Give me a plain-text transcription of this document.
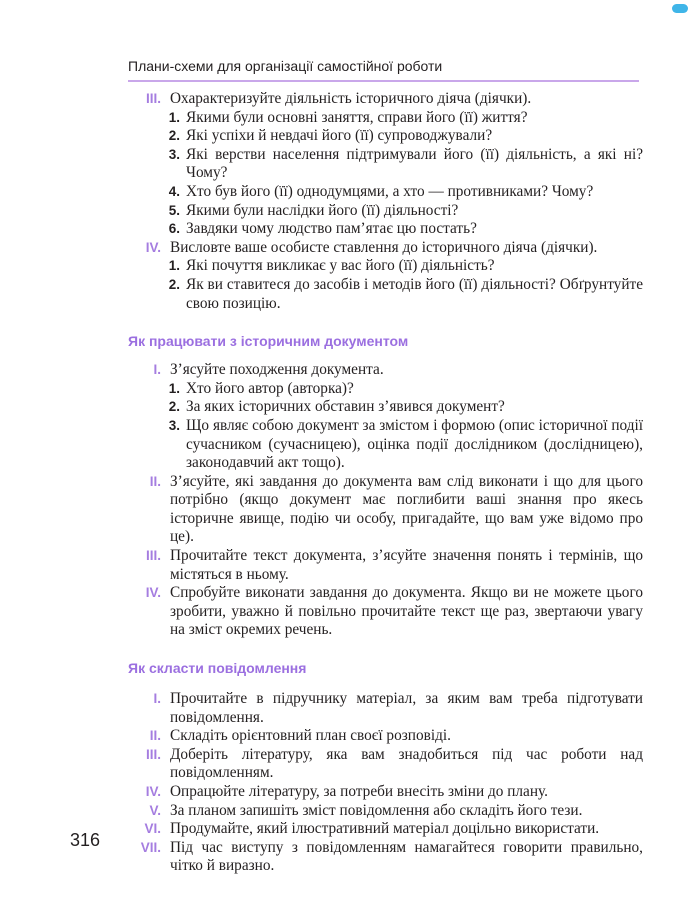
Плани-схеми для організації самостійної роботи

III. Охарактеризуйте діяльність історичного діяча (діячки).

1. Якими були основні заняття, справи його (її) життя?

2. Які успіхи й невдачі його (її) супроводжували?

3. Які верстви населення підтримували його (її) діяльність, а які ні? Чому?

4. Хто був його (її) однодумцями, а хто — противниками? Чому?

5. Якими були наслідки його (її) діяльності?

6. Завдяки чому людство пам’ятає цю постать?

IV. Висловте ваше особисте ставлення до історичного діяча (діячки).

1. Які почуття викликає у вас його (її) діяльність?

2. Як ви ставитеся до засобів і методів його (її) діяльності? Обґрунтуйте свою позицію.

Як працювати з історичним документом

I. З’ясуйте походження документа.

1. Хто його автор (авторка)?

2. За яких історичних обставин з’явився документ?

3. Що являє собою документ за змістом і формою (опис історичної події сучасником (сучасницею), оцінка події дослідником (дослідницею), законодавчий акт тощо).

II. З’ясуйте, які завдання до документа вам слід виконати і що для цього потрібно (якщо документ має поглибити ваші знання про якесь історичне явище, подію чи особу, пригадайте, що вам уже відомо про це).

III. Прочитайте текст документа, з’ясуйте значення понять і термінів, що містяться в ньому.

IV. Спробуйте виконати завдання до документа. Якщо ви не можете цього зробити, уважно й повільно прочитайте текст ще раз, звертаючи увагу на зміст окремих речень.

Як скласти повідомлення

I. Прочитайте в підручнику матеріал, за яким вам треба підготувати повідомлення.

II. Складіть орієнтовний план своєї розповіді.

III. Доберіть літературу, яка вам знадобиться під час роботи над повідомленням.

IV. Опрацюйте літературу, за потреби внесіть зміни до плану.

V. За планом запишіть зміст повідомлення або складіть його тези.

VI. Продумайте, який ілюстративний матеріал доцільно використати.

VII. Під час виступу з повідомленням намагайтеся говорити правильно, чітко й виразно.

316
